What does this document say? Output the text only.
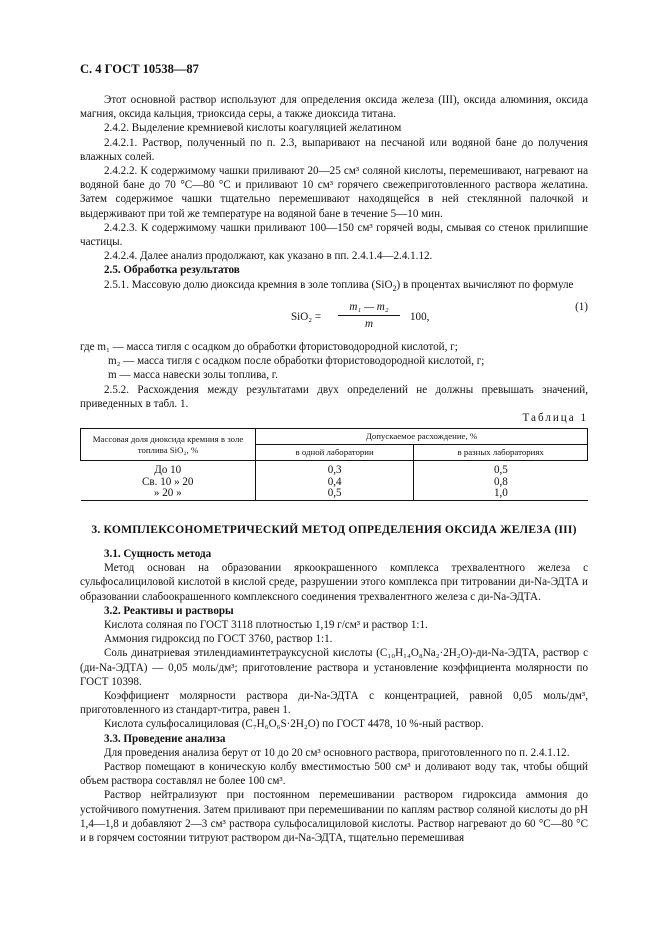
С. 4 ГОСТ 10538—87

Этот основной раствор используют для определения оксида железа (III), оксида алюминия, оксида магния, оксида кальция, триоксида серы, а также диоксида титана.

2.4.2. Выделение кремниевой кислоты коагуляцией желатином

2.4.2.1. Раствор, полученный по п. 2.3, выпаривают на песчаной или водяной бане до получения влажных солей.

2.4.2.2. К содержимому чашки приливают 20—25 см³ соляной кислоты, перемешивают, нагревают на водяной бане до 70 °С—80 °С и приливают 10 см³ горячего свежеприготовленного раствора желатина. Затем содержимое чашки тщательно перемешивают находящейся в ней стеклянной палочкой и выдерживают при той же температуре на водяной бане в течение 5—10 мин.

2.4.2.3. К содержимому чашки приливают 100—150 см³ горячей воды, смывая со стенок прилипшие частицы.

2.4.2.4. Далее анализ продолжают, как указано в пп. 2.4.1.4—2.4.1.12.

2.5. Обработка результатов

2.5.1. Массовую долю диоксида кремния в золе топлива (SiO$_2$) в процентах вычисляют по формуле

$SiO_2 = \frac{\text{m₁ — m₂}}{m} 100$,
(1)

где m₁ — масса тигля с осадком до обработки фтористоводородной кислотой, г;

m₂ — масса тигля с осадком после обработки фтористоводородной кислотой, г;

m — масса навески золы топлива, г.

2.5.2. Расхождения между результатами двух определений не должны превышать значений, приведенных в табл. 1.

Таблица 1
Массовая доля диоксида кремния в золе топлива SiO₂, %	Допускаемое расхождение, %	
	в одной лаборатории	в разных лабораториях
До 10	0,3	0,5
Св. 10 » 20	0,4	0,8
» 20 »	0,5	1,0
3. КОМПЛЕКСОНОМЕТРИЧЕСКИЙ МЕТОД ОПРЕДЕЛЕНИЯ ОКСИДА ЖЕЛЕЗА (III)

3.1. Сущность метода

Метод основан на образовании яркоокрашенного комплекса трехвалентного железа с сульфосалициловой кислотой в кислой среде, разрушении этого комплекса при титровании ди-Na-ЭДТА и образовании слабоокрашенного комплексного соединения трехвалентного железа с ди-Na-ЭДТА.

3.2. Реактивы и растворы

Кислота соляная по ГОСТ 3118 плотностью 1,19 г/см³ и раствор 1:1.

Аммония гидроксид по ГОСТ 3760, раствор 1:1.

Соль динатриевая этилендиаминтетрауксусной кислоты (C₁₀H₁₄O₈Na₂·2H₂O)-ди-Na-ЭДТА, раствор с (ди-Na-ЭДТА) — 0,05 моль/дм³; приготовление раствора и установление коэффициента молярности по ГОСТ 10398.

Коэффициент молярности раствора ди-Na-ЭДТА с концентрацией, равной 0,05 моль/дм³, приготовленного из стандарт-титра, равен 1.

Кислота сульфосалициловая (C₇H₆O₆S·2H₂O) по ГОСТ 4478, 10 %-ный раствор.

3.3. Проведение анализа

Для проведения анализа берут от 10 до 20 см³ основного раствора, приготовленного по п. 2.4.1.12.

Раствор помещают в коническую колбу вместимостью 500 см³ и доливают воду так, чтобы общий объем раствора составлял не более 100 см³.

Раствор нейтрализуют при постоянном перемешивании раствором гидроксида аммония до устойчивого помутнения. Затем приливают при перемешивании по каплям раствор соляной кислоты до pH 1,4—1,8 и добавляют 2—3 см³ раствора сульфосалициловой кислоты. Раствор нагревают до 60 °С—80 °С и в горячем состоянии титруют раствором ди-Na-ЭДТА, тщательно перемешивая
